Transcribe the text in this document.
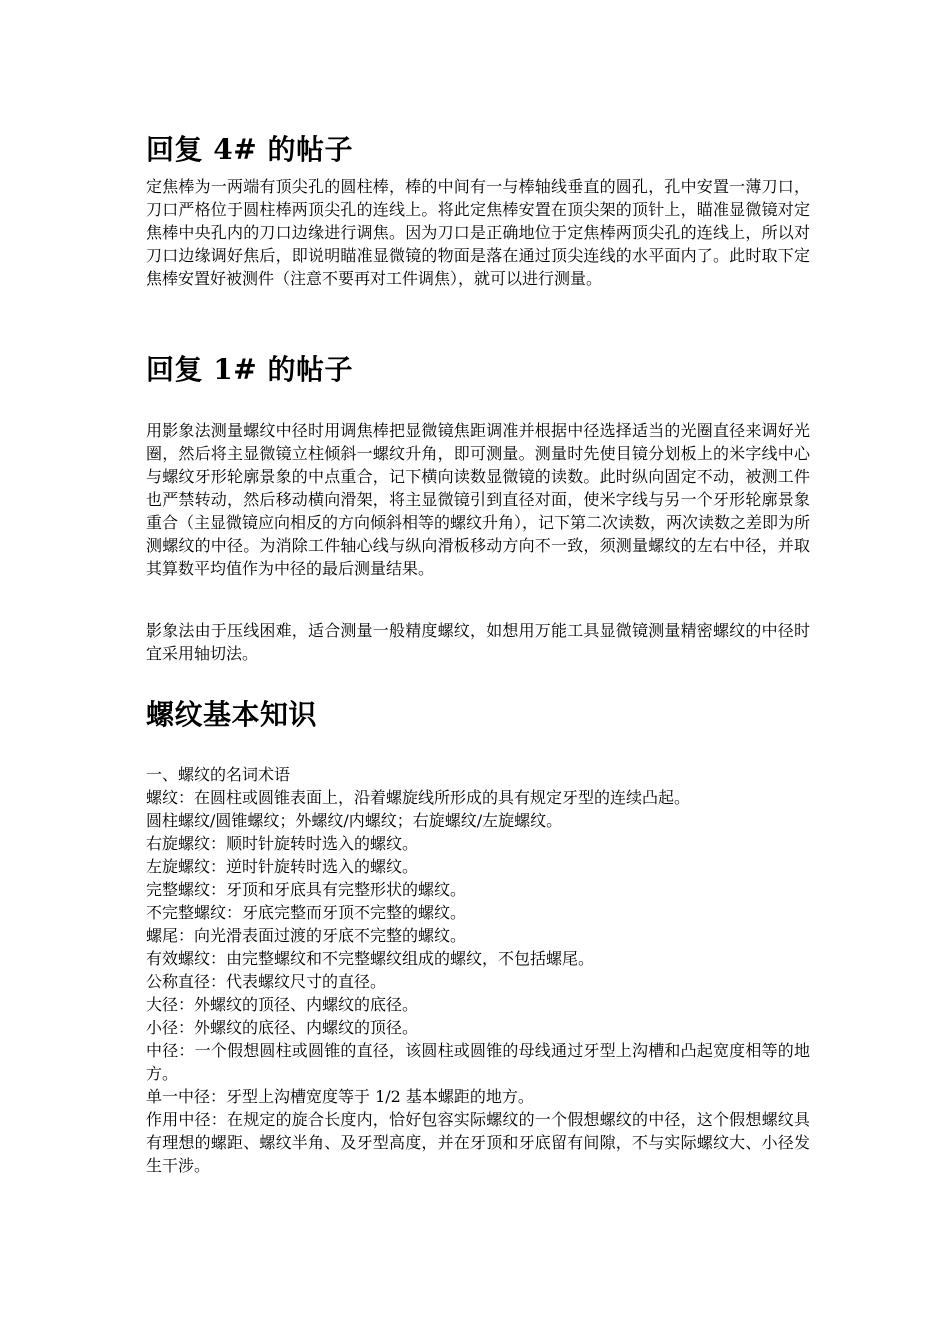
回复 4# 的帖子

定焦棒为一两端有顶尖孔的圆柱棒，棒的中间有一与棒轴线垂直的圆孔，孔中安置一薄刀口，刀口严格位于圆柱棒两顶尖孔的连线上。将此定焦棒安置在顶尖架的顶针上，瞄准显微镜对定焦棒中央孔内的刀口边缘进行调焦。因为刀口是正确地位于定焦棒两顶尖孔的连线上，所以对刀口边缘调好焦后，即说明瞄准显微镜的物面是落在通过顶尖连线的水平面内了。此时取下定焦棒安置好被测件（注意不要再对工件调焦），就可以进行测量。

回复 1# 的帖子

用影象法测量螺纹中径时用调焦棒把显微镜焦距调准并根据中径选择适当的光圈直径来调好光圈，然后将主显微镜立柱倾斜一螺纹升角，即可测量。测量时先使目镜分划板上的米字线中心与螺纹牙形轮廓景象的中点重合，记下横向读数显微镜的读数。此时纵向固定不动，被测工件也严禁转动，然后移动横向滑架，将主显微镜引到直径对面，使米字线与另一个牙形轮廓景象重合（主显微镜应向相反的方向倾斜相等的螺纹升角），记下第二次读数，两次读数之差即为所测螺纹的中径。为消除工件轴心线与纵向滑板移动方向不一致，须测量螺纹的左右中径，并取其算数平均值作为中径的最后测量结果。

影象法由于压线困难，适合测量一般精度螺纹，如想用万能工具显微镜测量精密螺纹的中径时宜采用轴切法。

螺纹基本知识

一、螺纹的名词术语

螺纹：在圆柱或圆锥表面上，沿着螺旋线所形成的具有规定牙型的连续凸起。

圆柱螺纹/圆锥螺纹；外螺纹/内螺纹；右旋螺纹/左旋螺纹。

右旋螺纹：顺时针旋转时选入的螺纹。

左旋螺纹：逆时针旋转时选入的螺纹。

完整螺纹：牙顶和牙底具有完整形状的螺纹。

不完整螺纹：牙底完整而牙顶不完整的螺纹。

螺尾：向光滑表面过渡的牙底不完整的螺纹。

有效螺纹：由完整螺纹和不完整螺纹组成的螺纹，不包括螺尾。

公称直径：代表螺纹尺寸的直径。

大径：外螺纹的顶径、内螺纹的底径。

小径：外螺纹的底径、内螺纹的顶径。

中径：一个假想圆柱或圆锥的直径，该圆柱或圆锥的母线通过牙型上沟槽和凸起宽度相等的地方。

单一中径：牙型上沟槽宽度等于 1/2 基本螺距的地方。

作用中径：在规定的旋合长度内，恰好包容实际螺纹的一个假想螺纹的中径，这个假想螺纹具有理想的螺距、螺纹半角、及牙型高度，并在牙顶和牙底留有间隙，不与实际螺纹大、小径发生干涉。
